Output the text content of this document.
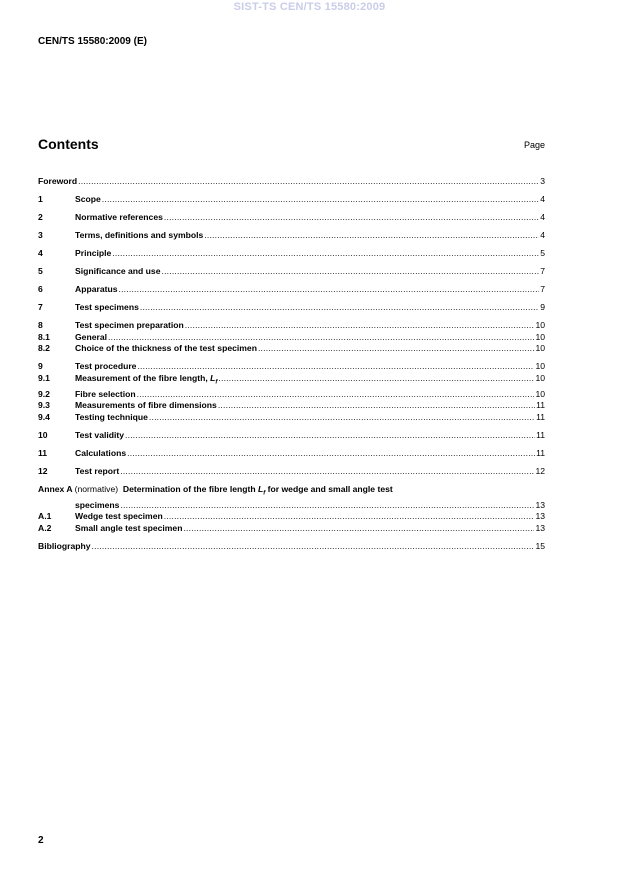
SIST-TS CEN/TS 15580:2009
CEN/TS 15580:2009 (E)
Contents	Page
Foreword .....	3
1	Scope .....	4
2	Normative references .....	4
3	Terms, definitions and symbols .....	4
4	Principle .....	5
5	Significance and use .....	7
6	Apparatus .....	7
7	Test specimens .....	9
8	Test specimen preparation .....	10
8.1	General .....	10
8.2	Choice of the thickness of the test specimen .....	10
9	Test procedure .....	10
9.1	Measurement of the fibre length, $L_f$ .....	10
9.2	Fibre selection .....	10
9.3	Measurements of fibre dimensions .....	11
9.4	Testing technique .....	11
10	Test validity .....	11
11	Calculations .....	11
12	Test report .....	12
Annex A (normative) Determination of the fibre length $L_f$ for wedge and small angle test
specimens .....	13
A.1	Wedge test specimen .....	13
A.2	Small angle test specimen .....	13
Bibliography .....	15
2
